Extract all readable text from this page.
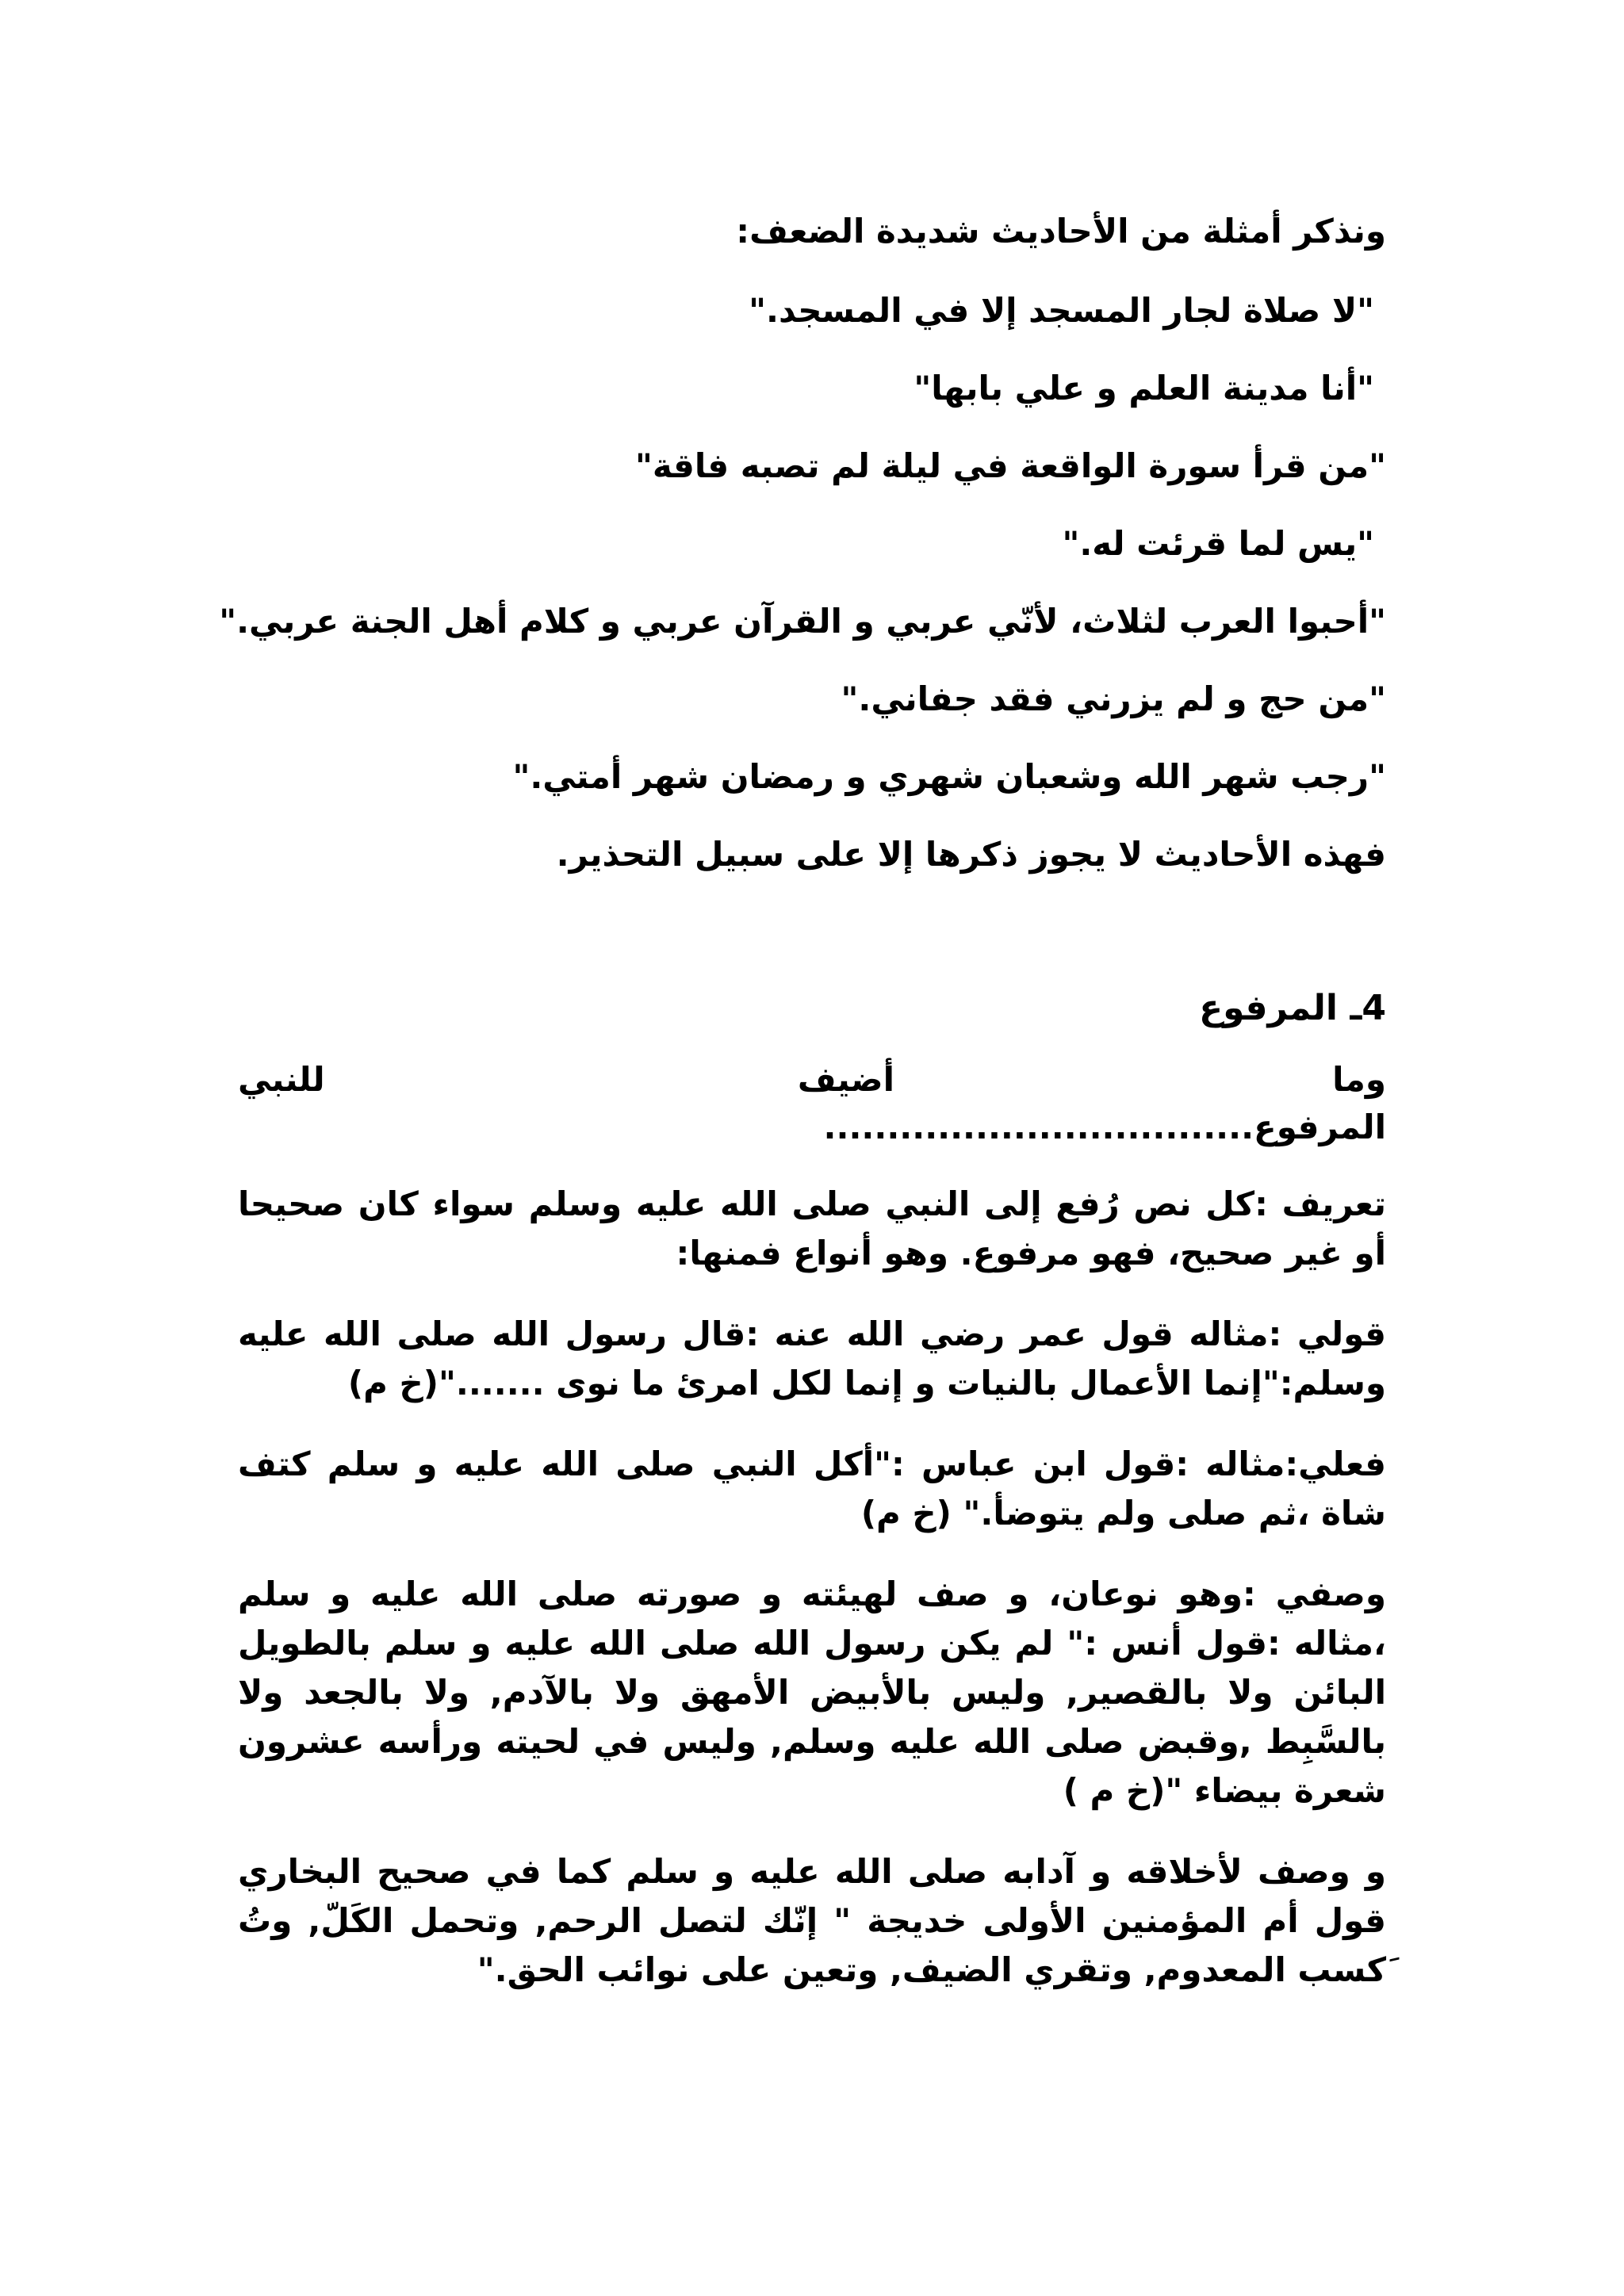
ونذكر أمثلة من الأحاديث شديدة الضعف:
"لا صلاة لجار المسجد إلا في المسجد."
"أنا مدينة العلم و علي بابها"
"من قرأ سورة الواقعة في ليلة لم تصبه فاقة"
"يس لما قرئت له."
"أحبوا العرب لثلاث، لأنّي عربي و القرآن عربي و كلام أهل الجنة عربي."
"من حج و لم يزرني فقد جفاني."
"رجب شهر الله وشعبان شهري و رمضان شهر أمتي."
فهذه الأحاديث لا يجوز ذكرها إلا على سبيل التحذير.
4ـ المرفوع
وما
أضيف
للنبي
المرفوع..................................
تعريف :كل نص رُفع إلى النبي صلى الله عليه وسلم سواء كان صحيحا أو غير صحيح، فهو مرفوع. وهو أنواع فمنها:
قولي :مثاله قول عمر رضي الله عنه :قال رسول الله صلى الله عليه وسلم:"إنما الأعمال بالنيات و إنما لكل امرئ ما نوى ......."(خ م)
فعلي:مثاله :قول ابن عباس :"أكل النبي صلى الله عليه و سلم كتف شاة ،ثم صلى ولم يتوضأ." (خ م)
وصفي :وهو نوعان، و صف لهيئته و صورته صلى الله عليه و سلم ،مثاله :قول أنس :" لم يكن رسول الله صلى الله عليه و سلم بالطويل البائن ولا بالقصير, وليس بالأبيض الأمهق ولا بالآدم, ولا بالجعد ولا بالسَّبِط ,وقبض صلى الله عليه وسلم, وليس في لحيته ورأسه عشرون شعرة بيضاء "(خ م )
و وصف لأخلاقه و آدابه صلى الله عليه و سلم كما في صحيح البخاري قول أم المؤمنين الأولى خديجة " إنّك لتصل الرحم, وتحمل الكَلّ, وتُ َكسب المعدوم, وتقري الضيف, وتعين على نوائب الحق."
